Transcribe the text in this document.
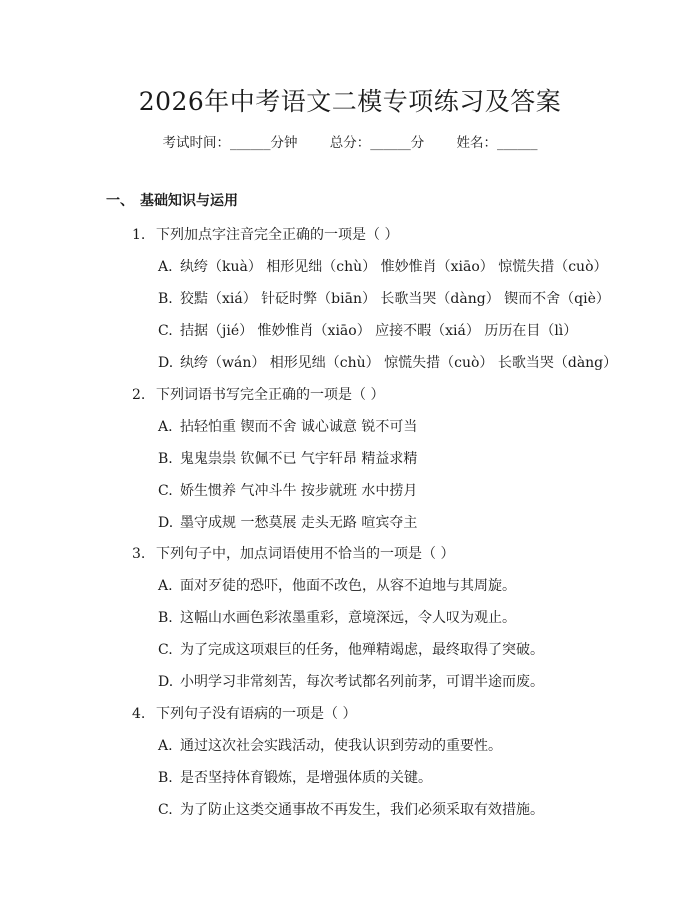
2026年中考语文二模专项练习及答案
考试时间：______分钟 总分：______分 姓名：______
一、 基础知识与运用
1. 下列加点字注音完全正确的一项是（ ）
A. 纨绔（kuà） 相形见绌（chù） 惟妙惟肖（xiāo） 惊慌失措（cuò）
B. 狡黠（xiá） 针砭时弊（biān） 长歌当哭（dàng） 锲而不舍（qiè）
C. 拮据（jié） 惟妙惟肖（xiāo） 应接不暇（xiá） 历历在目（lì）
D. 纨绔（wán） 相形见绌（chù） 惊慌失措（cuò） 长歌当哭（dàng）
2. 下列词语书写完全正确的一项是（ ）
A. 拈轻怕重 锲而不舍 诚心诚意 锐不可当
B. 鬼鬼祟祟 钦佩不已 气宇轩昂 精益求精
C. 娇生惯养 气冲斗牛 按步就班 水中捞月
D. 墨守成规 一愁莫展 走头无路 喧宾夺主
3. 下列句子中，加点词语使用不恰当的一项是（ ）
A. 面对歹徒的恐吓，他面不改色，从容不迫地与其周旋。
B. 这幅山水画色彩浓墨重彩，意境深远，令人叹为观止。
C. 为了完成这项艰巨的任务，他殚精竭虑，最终取得了突破。
D. 小明学习非常刻苦，每次考试都名列前茅，可谓半途而废。
4. 下列句子没有语病的一项是（ ）
A. 通过这次社会实践活动，使我认识到劳动的重要性。
B. 是否坚持体育锻炼，是增强体质的关键。
C. 为了防止这类交通事故不再发生，我们必须采取有效措施。
